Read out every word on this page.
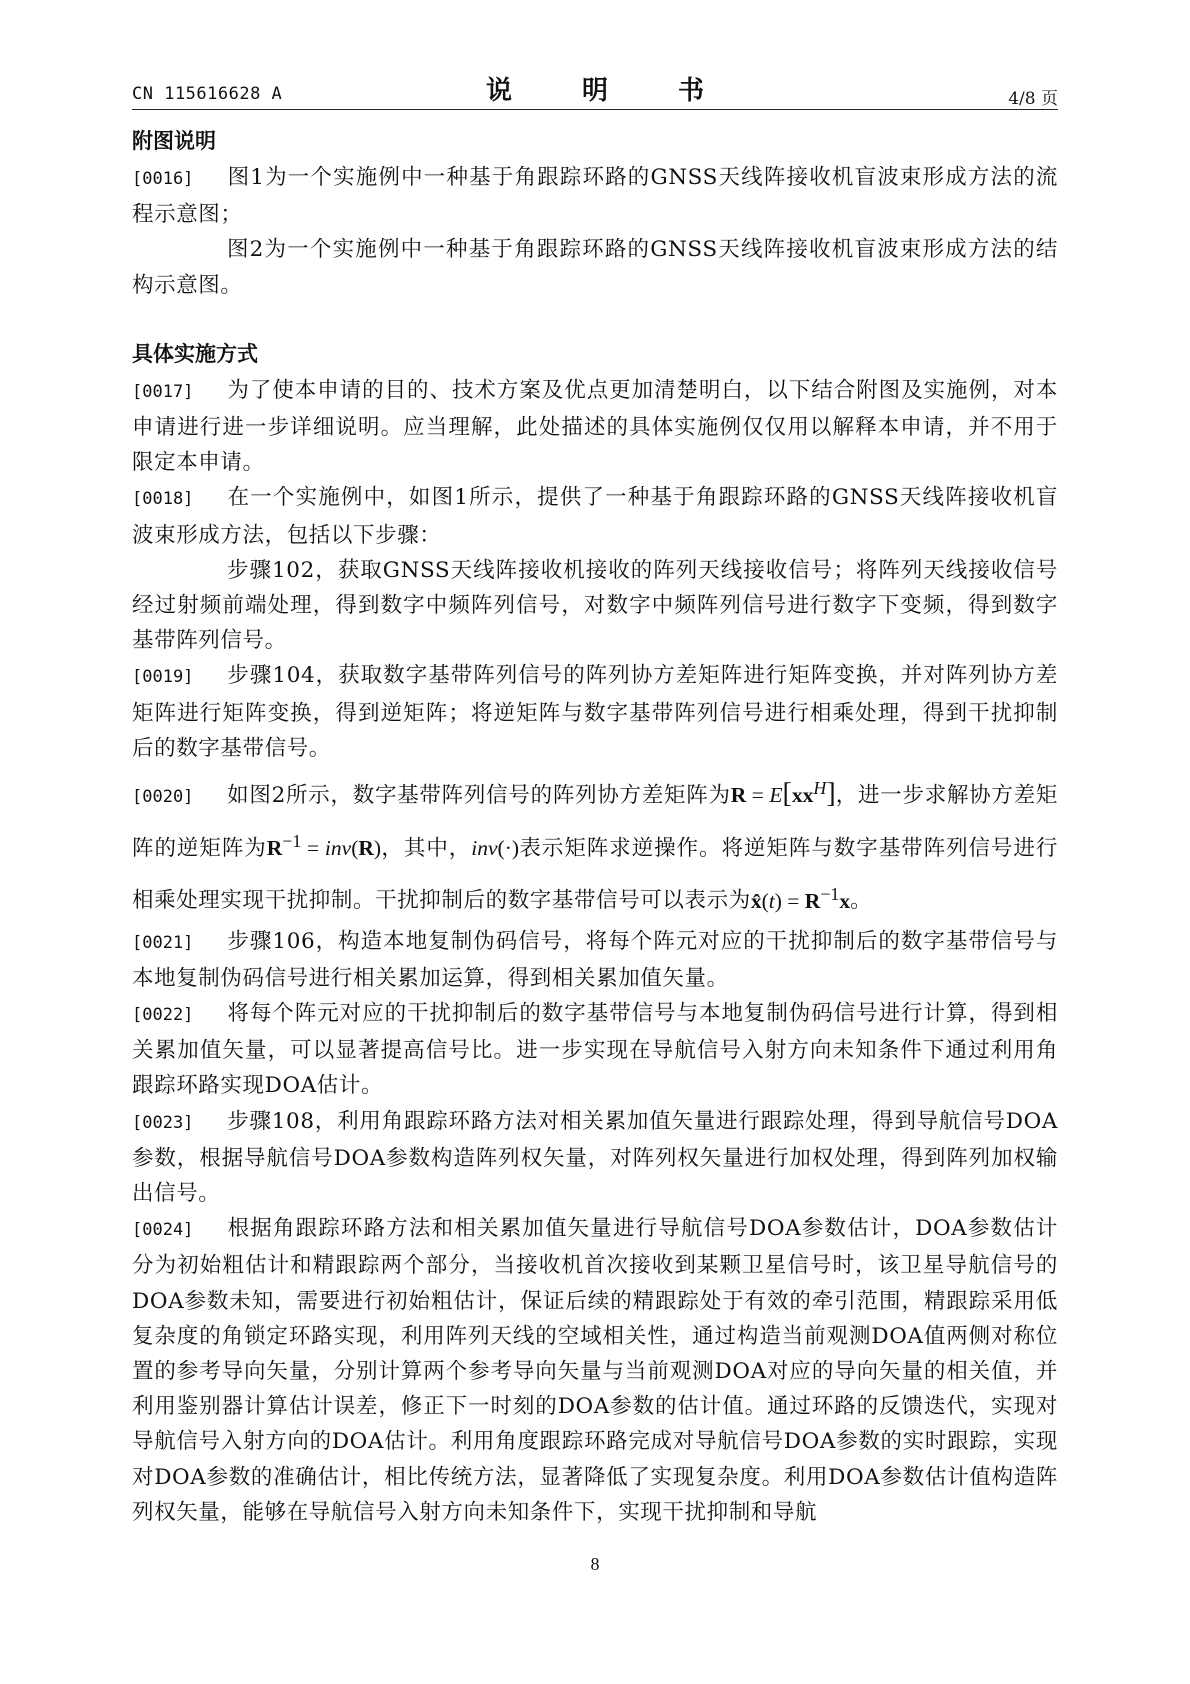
CN 115616628 A	说　明　书	4/8 页
附图说明
[0016] 图1为一个实施例中一种基于角跟踪环路的GNSS天线阵接收机盲波束形成方法的流程示意图；
图2为一个实施例中一种基于角跟踪环路的GNSS天线阵接收机盲波束形成方法的结构示意图。
具体实施方式
[0017] 为了使本申请的目的、技术方案及优点更加清楚明白，以下结合附图及实施例，对本申请进行进一步详细说明。应当理解，此处描述的具体实施例仅仅用以解释本申请，并不用于限定本申请。
[0018] 在一个实施例中，如图1所示，提供了一种基于角跟踪环路的GNSS天线阵接收机盲波束形成方法，包括以下步骤：
步骤102，获取GNSS天线阵接收机接收的阵列天线接收信号；将阵列天线接收信号经过射频前端处理，得到数字中频阵列信号，对数字中频阵列信号进行数字下变频，得到数字基带阵列信号。
[0019] 步骤104，获取数字基带阵列信号的阵列协方差矩阵进行矩阵变换，并对阵列协方差矩阵进行矩阵变换，得到逆矩阵；将逆矩阵与数字基带阵列信号进行相乘处理，得到干扰抑制后的数字基带信号。
[0020] 如图2所示，数字基带阵列信号的阵列协方差矩阵为$R = E[xx^H]$，进一步求解协方差矩阵的逆矩阵为$R^{-1} = inv(R)$，其中，inv(·)表示矩阵求逆操作。将逆矩阵与数字基带阵列信号进行相乘处理实现干扰抑制。干扰抑制后的数字基带信号可以表示为x̂(t) = $R^{-1}x$。
[0021] 步骤106，构造本地复制伪码信号，将每个阵元对应的干扰抑制后的数字基带信号与本地复制伪码信号进行相关累加运算，得到相关累加值矢量。
[0022] 将每个阵元对应的干扰抑制后的数字基带信号与本地复制伪码信号进行计算，得到相关累加值矢量，可以显著提高信号比。进一步实现在导航信号入射方向未知条件下通过利用角跟踪环路实现DOA估计。
[0023] 步骤108，利用角跟踪环路方法对相关累加值矢量进行跟踪处理，得到导航信号DOA参数，根据导航信号DOA参数构造阵列权矢量，对阵列权矢量进行加权处理，得到阵列加权输出信号。
[0024] 根据角跟踪环路方法和相关累加值矢量进行导航信号DOA参数估计，DOA参数估计分为初始粗估计和精跟踪两个部分，当接收机首次接收到某颗卫星信号时，该卫星导航信号的DOA参数未知，需要进行初始粗估计，保证后续的精跟踪处于有效的牵引范围，精跟踪采用低复杂度的角锁定环路实现，利用阵列天线的空域相关性，通过构造当前观测DOA值两侧对称位置的参考导向矢量，分别计算两个参考导向矢量与当前观测DOA对应的导向矢量的相关值，并利用鉴别器计算估计误差，修正下一时刻的DOA参数的估计值。通过环路的反馈迭代，实现对导航信号入射方向的DOA估计。利用角度跟踪环路完成对导航信号DOA参数的实时跟踪，实现对DOA参数的准确估计，相比传统方法，显著降低了实现复杂度。利用DOA参数估计值构造阵列权矢量，能够在导航信号入射方向未知条件下，实现干扰抑制和导航
8
